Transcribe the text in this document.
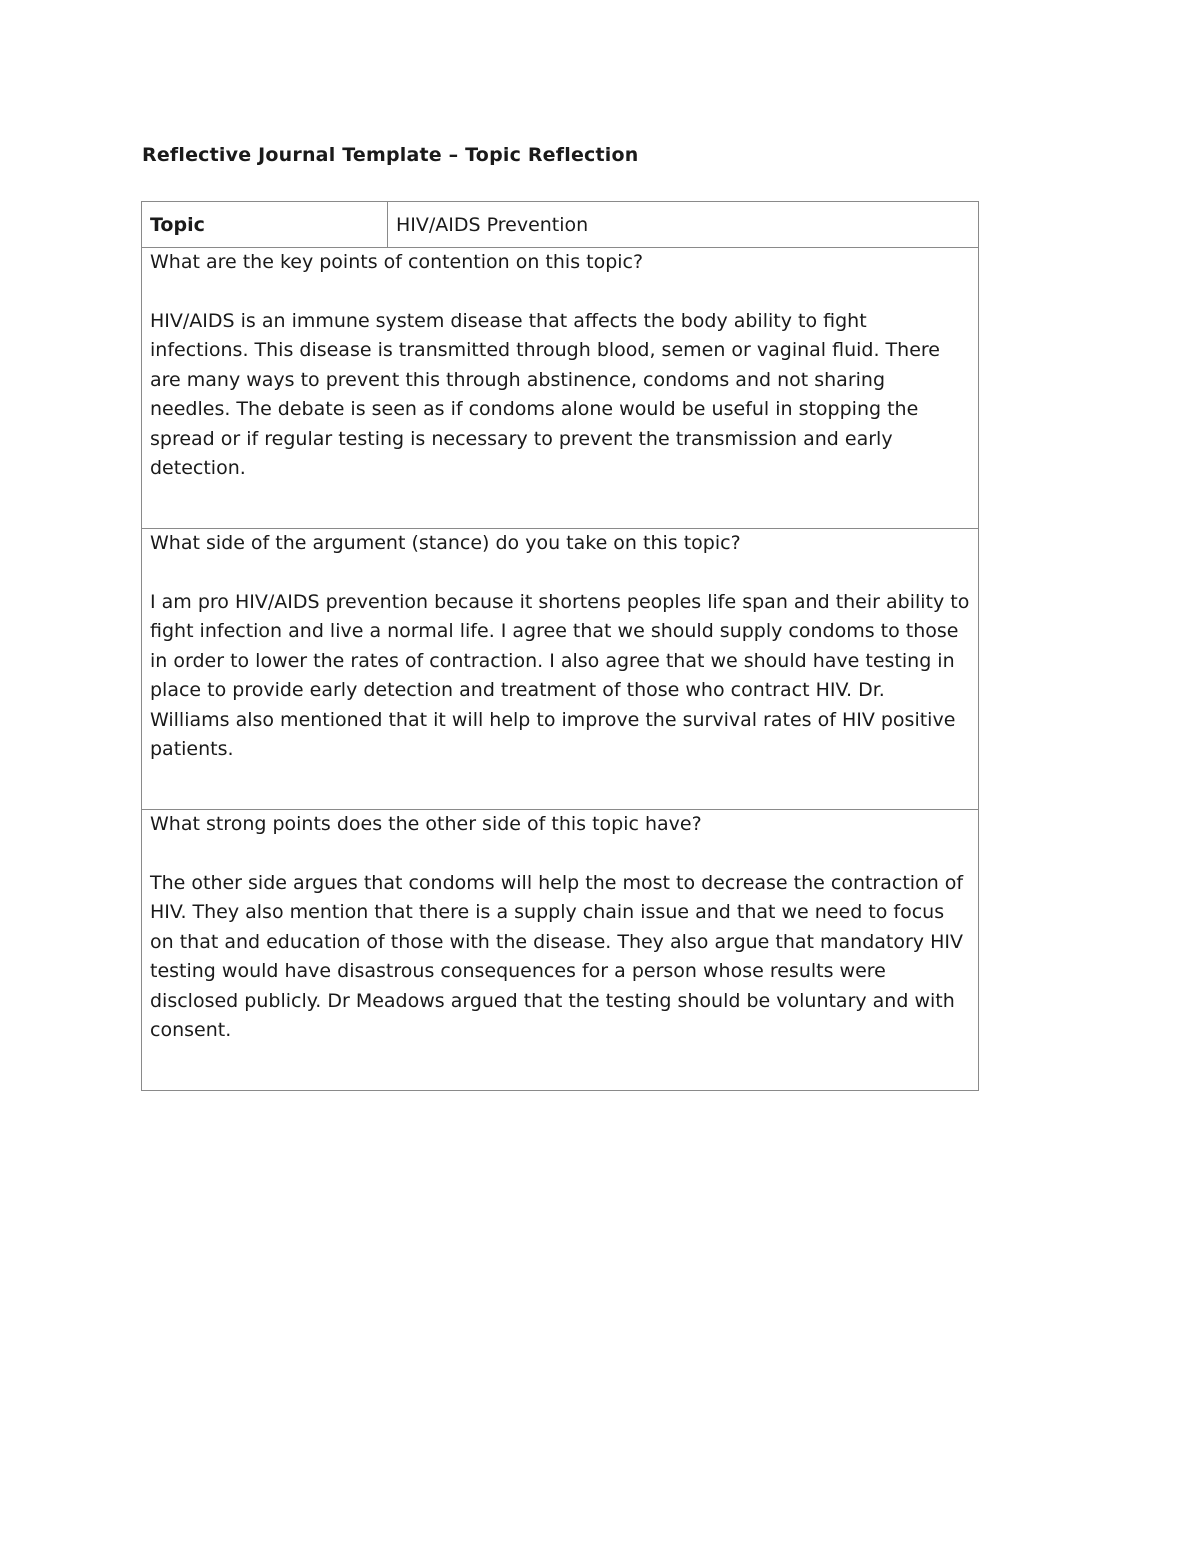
Reflective Journal Template – Topic Reflection
Topic	HIV/AIDS Prevention

What are the key points of contention on this topic?

HIV/AIDS is an immune system disease that affects the body ability to fight infections. This disease is transmitted through blood, semen or vaginal fluid. There are many ways to prevent this through abstinence, condoms and not sharing needles. The debate is seen as if condoms alone would be useful in stopping the spread or if regular testing is necessary to prevent the transmission and early detection.

What side of the argument (stance) do you take on this topic?

I am pro HIV/AIDS prevention because it shortens peoples life span and their ability to fight infection and live a normal life. I agree that we should supply condoms to those in order to lower the rates of contraction. I also agree that we should have testing in place to provide early detection and treatment of those who contract HIV. Dr. Williams also mentioned that it will help to improve the survival rates of HIV positive patients.

What strong points does the other side of this topic have?

The other side argues that condoms will help the most to decrease the contraction of HIV. They also mention that there is a supply chain issue and that we need to focus on that and education of those with the disease. They also argue that mandatory HIV testing would have disastrous consequences for a person whose results were disclosed publicly. Dr Meadows argued that the testing should be voluntary and with consent.
